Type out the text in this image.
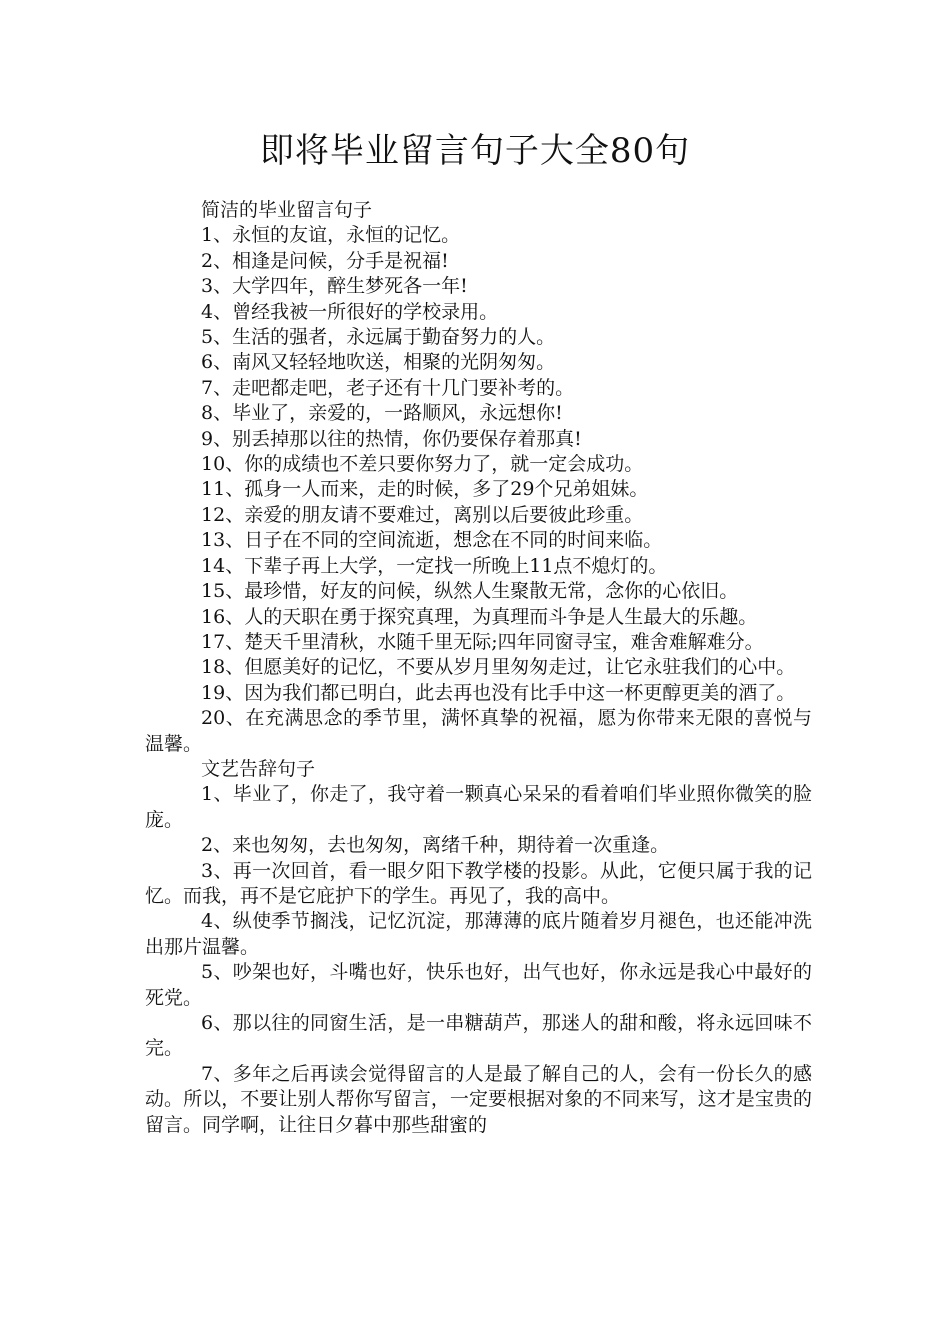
即将毕业留言句子大全80句

简洁的毕业留言句子

1、永恒的友谊，永恒的记忆。

2、相逢是问候，分手是祝福!

3、大学四年，醉生梦死各一年!

4、曾经我被一所很好的学校录用。

5、生活的强者，永远属于勤奋努力的人。

6、南风又轻轻地吹送，相聚的光阴匆匆。

7、走吧都走吧，老子还有十几门要补考的。

8、毕业了，亲爱的，一路顺风，永远想你!

9、别丢掉那以往的热情，你仍要保存着那真!

10、你的成绩也不差只要你努力了，就一定会成功。

11、孤身一人而来，走的时候，多了29个兄弟姐妹。

12、亲爱的朋友请不要难过，离别以后要彼此珍重。

13、日子在不同的空间流逝，想念在不同的时间来临。

14、下辈子再上大学，一定找一所晚上11点不熄灯的。

15、最珍惜，好友的问候，纵然人生聚散无常，念你的心依旧。

16、人的天职在勇于探究真理，为真理而斗争是人生最大的乐趣。

17、楚天千里清秋，水随千里无际;四年同窗寻宝，难舍难解难分。

18、但愿美好的记忆，不要从岁月里匆匆走过，让它永驻我们的心中。

19、因为我们都已明白，此去再也没有比手中这一杯更醇更美的酒了。

20、在充满思念的季节里，满怀真挚的祝福，愿为你带来无限的喜悦与温馨。

文艺告辞句子

1、毕业了，你走了，我守着一颗真心呆呆的看着咱们毕业照你微笑的脸庞。

2、来也匆匆，去也匆匆，离绪千种，期待着一次重逢。

3、再一次回首，看一眼夕阳下教学楼的投影。从此，它便只属于我的记忆。而我，再不是它庇护下的学生。再见了，我的高中。

4、纵使季节搁浅，记忆沉淀，那薄薄的底片随着岁月褪色，也还能冲洗出那片温馨。

5、吵架也好，斗嘴也好，快乐也好，出气也好，你永远是我心中最好的死党。

6、那以往的同窗生活，是一串糖葫芦，那迷人的甜和酸，将永远回味不完。

7、多年之后再读会觉得留言的人是最了解自己的人，会有一份长久的感动。所以，不要让别人帮你写留言，一定要根据对象的不同来写，这才是宝贵的留言。同学啊，让往日夕暮中那些甜蜜的
